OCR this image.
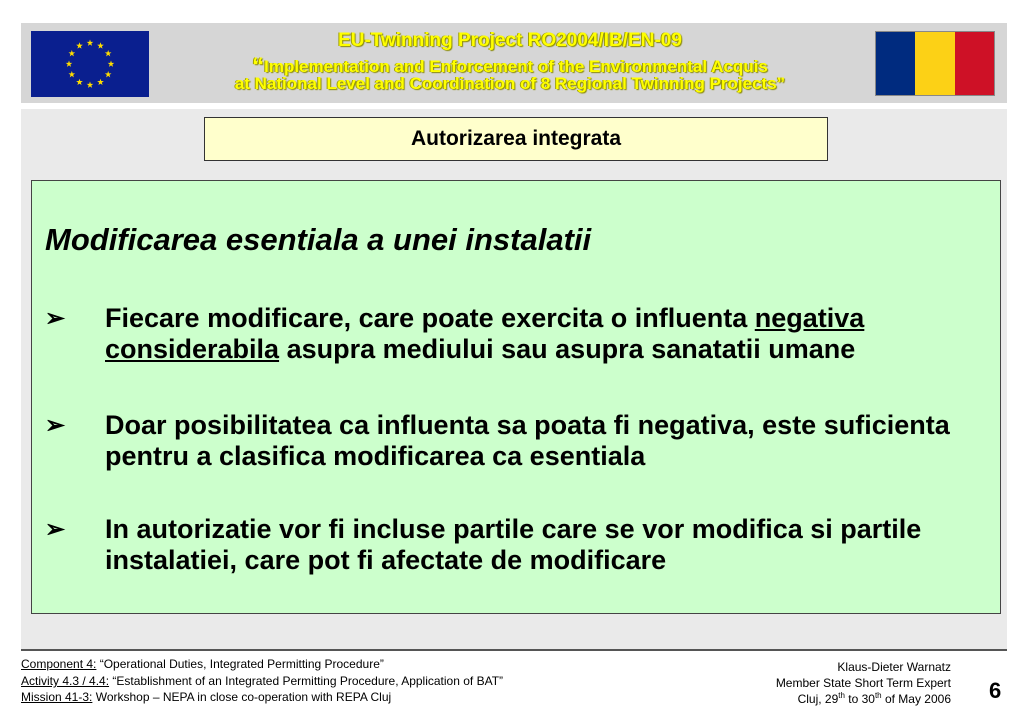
EU-Twinning Project RO2004/IB/EN-09
“Implementation and Enforcement of the Environmental Acquis
at National Level and Coordination of 8 Regional Twinning Projects”
Autorizarea integrata
Modificarea esentiala a unei instalatii
➢ Fiecare modificare, care poate exercita o influenta negativa considerabila asupra mediului sau asupra sanatatii umane
➢ Doar posibilitatea ca influenta sa poata fi negativa, este suficienta pentru a clasifica modificarea ca esentiala
➢ In autorizatie vor fi incluse partile care se vor modifica si partile instalatiei, care pot fi afectate de modificare
Component 4: “Operational Duties, Integrated Permitting Procedure”
Activity 4.3 / 4.4: “Establishment of an Integrated Permitting Procedure, Application of BAT”
Mission 41-3: Workshop – NEPA in close co-operation with REPA Cluj
Klaus-Dieter Warnatz
Member State Short Term Expert
Cluj, 29th to 30th of May 2006 6
